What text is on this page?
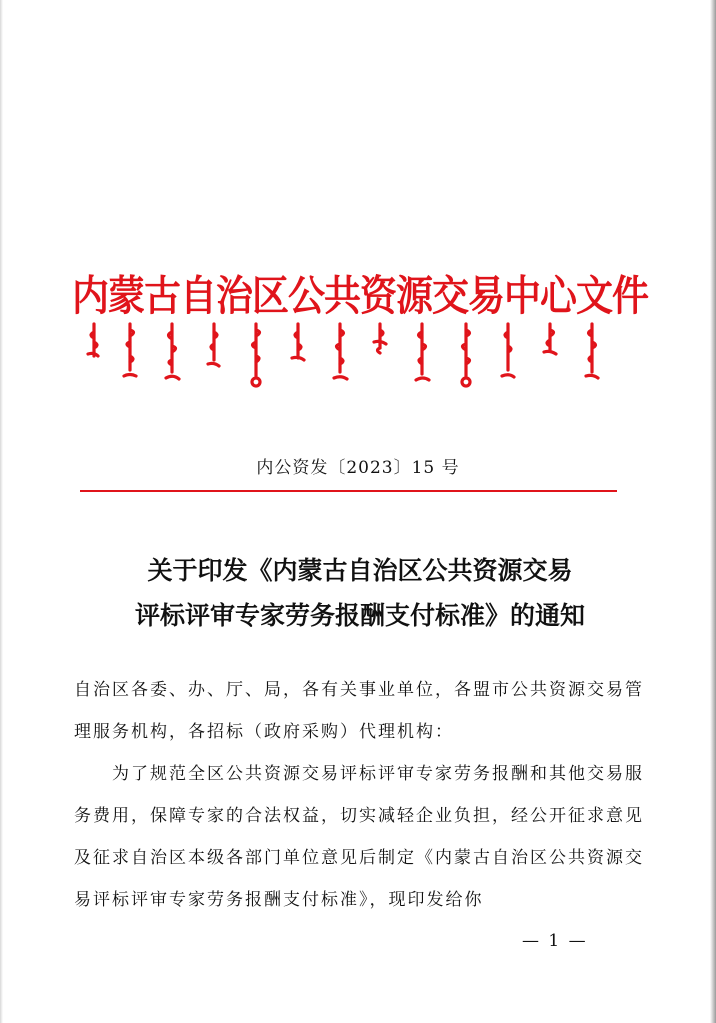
内蒙古自治区公共资源交易中心文件
内公资发〔2023〕15 号
关于印发《内蒙古自治区公共资源交易
评标评审专家劳务报酬支付标准》的通知

自治区各委、办、厅、局，各有关事业单位，各盟市公共资源交易管理服务机构，各招标（政府采购）代理机构：

为了规范全区公共资源交易评标评审专家劳务报酬和其他交易服务费用，保障专家的合法权益，切实减轻企业负担，经公开征求意见及征求自治区本级各部门单位意见后制定《内蒙古自治区公共资源交易评标评审专家劳务报酬支付标准》，现印发给你

— 1 —
